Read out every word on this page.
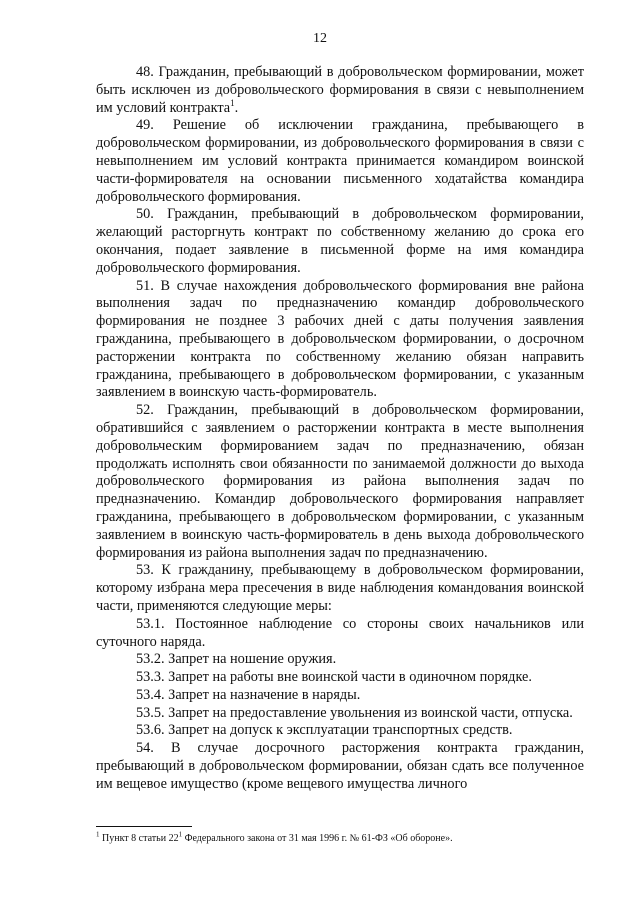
12

48. Гражданин, пребывающий в добровольческом формировании, может быть исключен из добровольческого формирования в связи с невыполнением им условий контракта$^1$.

49. Решение об исключении гражданина, пребывающего в добровольческом формировании, из добровольческого формирования в связи с невыполнением им условий контракта принимается командиром воинской части-формирователя на основании письменного ходатайства командира добровольческого формирования.

50. Гражданин, пребывающий в добровольческом формировании, желающий расторгнуть контракт по собственному желанию до срока его окончания, подает заявление в письменной форме на имя командира добровольческого формирования.

51. В случае нахождения добровольческого формирования вне района выполнения задач по предназначению командир добровольческого формирования не позднее 3 рабочих дней с даты получения заявления гражданина, пребывающего в добровольческом формировании, о досрочном расторжении контракта по собственному желанию обязан направить гражданина, пребывающего в добровольческом формировании, с указанным заявлением в воинскую часть-формирователь.

52. Гражданин, пребывающий в добровольческом формировании, обратившийся с заявлением о расторжении контракта в месте выполнения добровольческим формированием задач по предназначению, обязан продолжать исполнять свои обязанности по занимаемой должности до выхода добровольческого формирования из района выполнения задач по предназначению. Командир добровольческого формирования направляет гражданина, пребывающего в добровольческом формировании, с указанным заявлением в воинскую часть-формирователь в день выхода добровольческого формирования из района выполнения задач по предназначению.

53. К гражданину, пребывающему в добровольческом формировании, которому избрана мера пресечения в виде наблюдения командования воинской части, применяются следующие меры:

53.1. Постоянное наблюдение со стороны своих начальников или суточного наряда.

53.2. Запрет на ношение оружия.

53.3. Запрет на работы вне воинской части в одиночном порядке.

53.4. Запрет на назначение в наряды.

53.5. Запрет на предоставление увольнения из воинской части, отпуска.

53.6. Запрет на допуск к эксплуатации транспортных средств.

54. В случае досрочного расторжения контракта гражданин, пребывающий в добровольческом формировании, обязан сдать все полученное им вещевое имущество (кроме вещевого имущества личного

$^1$ Пункт 8 статьи 22$^1$ Федерального закона от 31 мая 1996 г. № 61-ФЗ «Об обороне».
